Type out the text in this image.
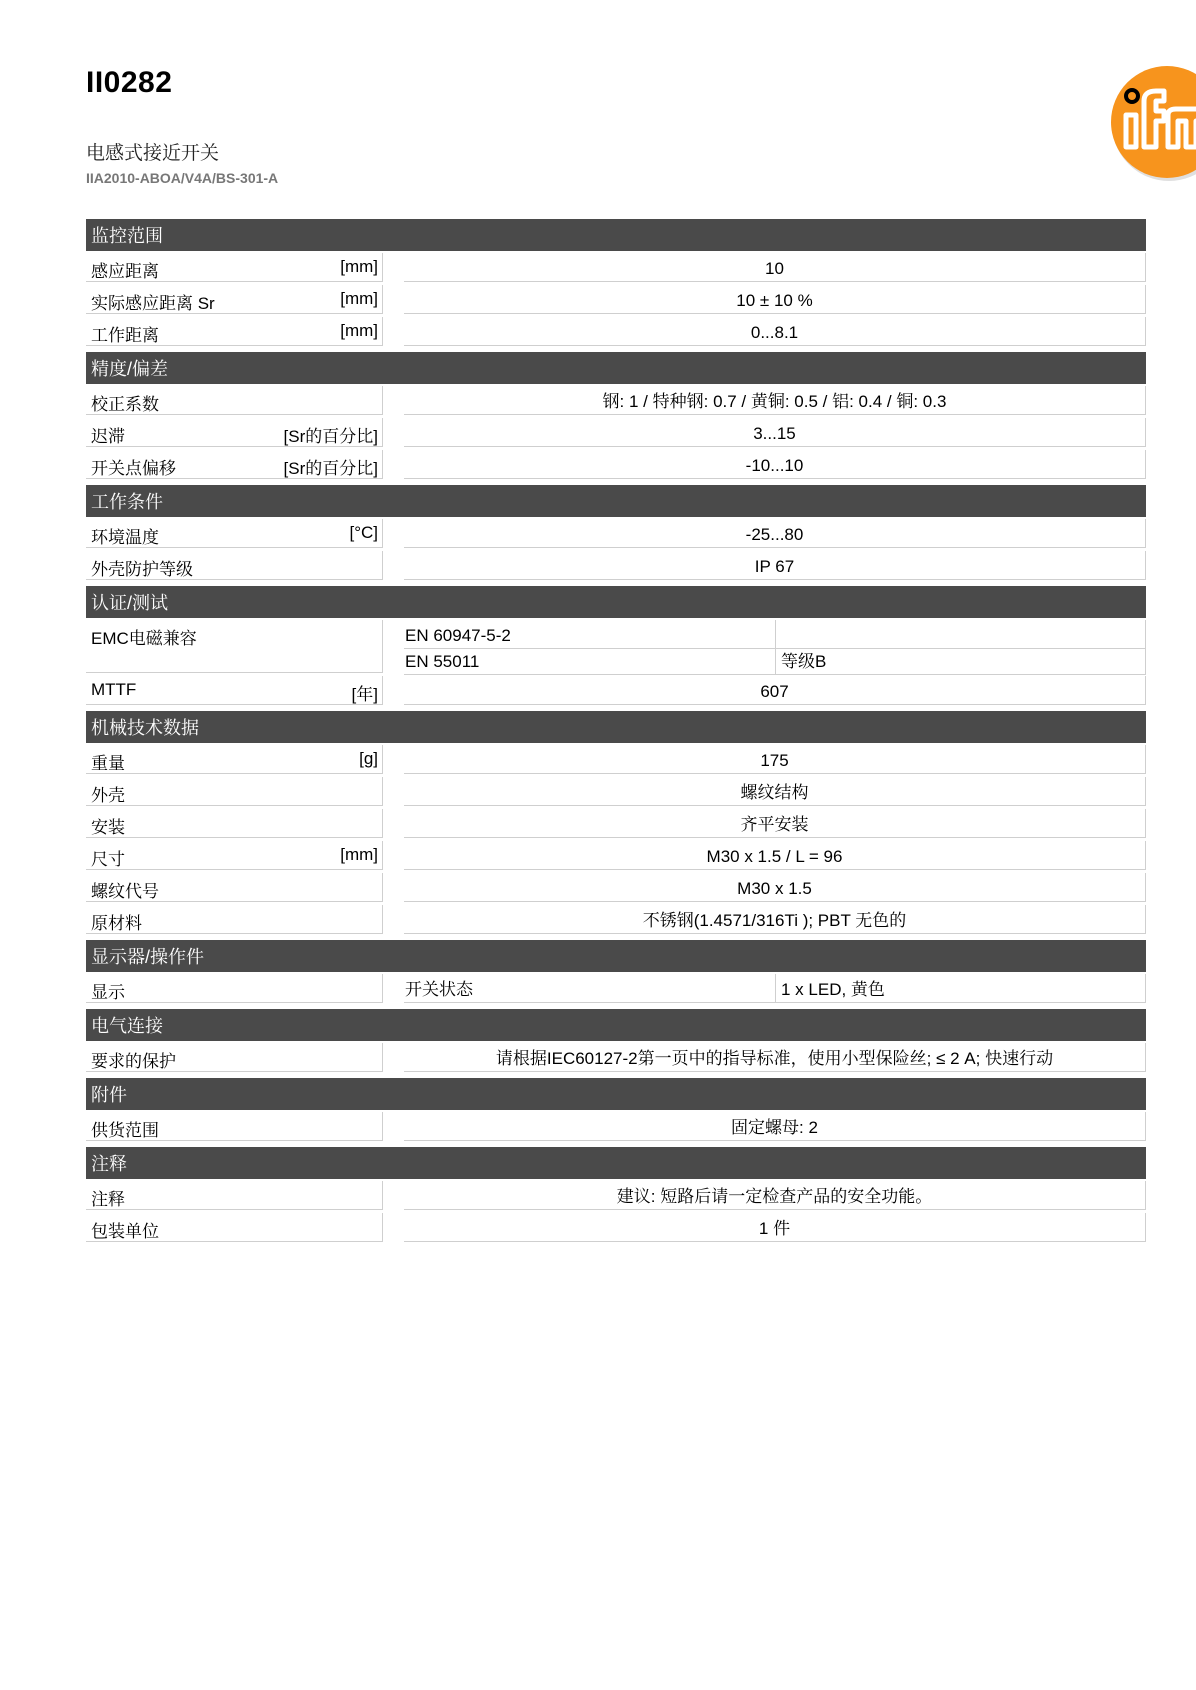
II0282
电感式接近开关
IIA2010-ABOA/V4A/BS-301-A
监控范围
感应距离	[mm]	10
实际感应距离 Sr	[mm]	10 ± 10 %
工作距离	[mm]	0...8.1
精度/偏差
校正系数	钢: 1 / 特种钢: 0.7 / 黄铜: 0.5 / 铝: 0.4 / 铜: 0.3
迟滞	[Sr的百分比]	3...15
开关点偏移	[Sr的百分比]	-10...10
工作条件
环境温度	[°C]	-25...80
外壳防护等级	IP 67
认证/测试
EMC电磁兼容	EN 60947-5-2
EN 55011	等级B
MTTF	[年]	607
机械技术数据
重量	[g]	175
外壳	螺纹结构
安装	齐平安装
尺寸	[mm]	M30 x 1.5 / L = 96
螺纹代号	M30 x 1.5
原材料	不锈钢(1.4571/316Ti ); PBT 无色的
显示器/操作件
显示	开关状态	1 x LED, 黄色
电气连接
要求的保护	请根据IEC60127-2第一页中的指导标准，使用小型保险丝; ≤ 2 A; 快速行动
附件
供货范围	固定螺母: 2
注释
注释	建议: 短路后请一定检查产品的安全功能。
包装单位	1 件
